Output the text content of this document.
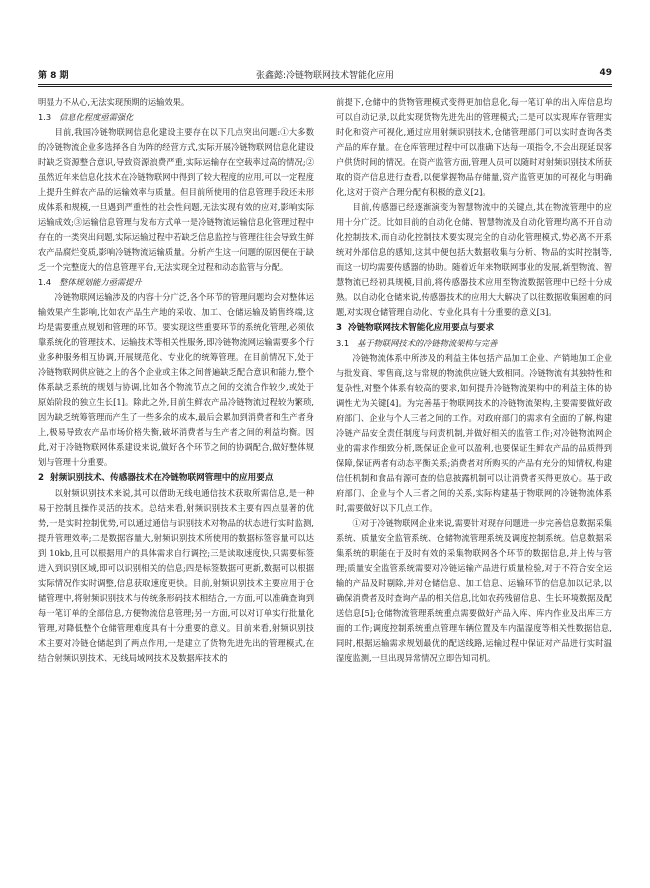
第 8 期	张鑫懿:冷链物联网技术智能化应用	49

明显力不从心,无法实现预期的运输效果。

1.3 信息化程度亟需强化

目前,我国冷链物联网信息化建设主要存在以下几点突出问题:①大多数的冷链物流企业多选择各自为阵的经营方式,实际开展冷链物联网信息化建设时缺乏资源整合意识,导致资源浪费严重,实际运输存在空载率过高的情况;②虽然近年来信息化技术在冷链物联网中得到了较大程度的应用,可以一定程度上提升生鲜农产品的运输效率与质量。但目前所使用的信息管理手段还未形成体系和规模,一旦遇到严重性的社会性问题,无法实现有效的应对,影响实际运输成效;③运输信息管理与发布方式单一是冷链物流运输信息化管理过程中存在的一类突出问题,实际运输过程中若缺乏信息监控与管理往往会导致生鲜农产品腐烂变质,影响冷链物流运输质量。分析产生这一问题的原因便在于缺乏一个完整庞大的信息管理平台,无法实现全过程和动态监管与分配。

1.4 整体规划能力亟需提升

冷链物联网运输涉及的内容十分广泛,各个环节的管理问题均会对整体运输效果产生影响,比如农产品生产地的采收、加工、仓储运输及销售终端,这均是需要重点规划和管理的环节。要实现这些重要环节的系统化管理,必须依靠系统化的管理技术、运输技术等相关性服务,即冷链物流网运输需要多个行业多种服务相互协调,开展规范化、专业化的统筹管理。在目前情况下,处于冷链物联网供应链之上的各个企业或主体之间普遍缺乏配合意识和能力,整个体系缺乏系统的规划与协调,比如各个物流节点之间的交流合作较少,或处于原始阶段的独立生长[1]。除此之外,目前生鲜农产品冷链物流过程较为繁琐,因为缺乏统筹管理而产生了一些多余的成本,最后会累加到消费者和生产者身上,极易导致农产品市场价格失衡,破坏消费者与生产者之间的利益均衡。因此,对于冷链物联网体系建设来说,做好各个环节之间的协调配合,做好整体规划与管理十分重要。

2 射频识别技术、传感器技术在冷链物联网管理中的应用要点

以射频识别技术来说,其可以借助无线电通信技术获取所需信息,是一种易于控制且操作灵活的技术。总结来看,射频识别技术主要有四点显著的优势,一是实时控制优势,可以通过通信与识别技术对物品的状态进行实时监测,提升管理效率;二是数据容量大,射频识别技术所使用的数据标签容量可以达到 10kb,且可以根据用户的具体需求自行调控;三是读取速度快,只需要标签进入到识别区域,即可以识别相关的信息;四是标签数据可更新,数据可以根据实际情况作实时调整,信息获取速度更快。目前,射频识别技术主要应用于仓储管理中,将射频识别技术与传统条形码技术相结合,一方面,可以准确查询到每一笔订单的全部信息,方便物流信息管理;另一方面,可以对订单实行批量化管理,对降低整个仓储管理难度具有十分重要的意义。目前来看,射频识别技术主要对冷链仓储起到了两点作用,一是建立了货物先进先出的管理模式,在结合射频识别技术、无线局域网技术及数据库技术的

前提下,仓储中的货物管理模式变得更加信息化,每一笔订单的出入库信息均可以自动记录,以此实现货物先进先出的管理模式;二是可以实现库存管理实时化和资产可视化,通过应用射频识别技术,仓储管理部门可以实时查询各类产品的库存量。在仓库管理过程中可以准确下达每一项指令,不会出现延误客户供货时间的情况。在资产监管方面,管理人员可以随时对射频识别技术所获取的资产信息进行查看,以便掌握物品存储量,资产监管更加的可视化与明确化,这对于资产合理分配有积极的意义[2]。

目前,传感器已经逐渐演变为智慧物流中的关键点,其在物流管理中的应用十分广泛。比如目前的自动化仓储、智慧物流及自动化管理均离不开自动化控制技术,而自动化控制技术要实现完全的自动化管理模式,势必离不开系统对外部信息的感知,这其中便包括大数据收集与分析、物品的实时控制等,而这一切均需要传感器的协助。随着近年来物联网事业的发展,新型物流、智慧物流已经初具规模,目前,将传感器技术应用至物流数据管理中已经十分成熟。以自动化仓储来说,传感器技术的应用大大解决了以往数据收集困难的问题,对实现仓储管理自动化、专业化具有十分重要的意义[3]。

3 冷链物联网技术智能化应用要点与要求
3.1 基于物联网技术的冷链物流架构与完善

冷链物流体系中所涉及的利益主体包括产品加工企业、产销地加工企业与批发商、零售商,这与常规的物流供应链大致相同。冷链物流有其独特性和复杂性,对整个体系有较高的要求,如何提升冷链物流架构中的利益主体的协调性尤为关键[4]。为完善基于物联网技术的冷链物流架构,主要需要做好政府部门、企业与个人三者之间的工作。对政府部门的需求有全面的了解,构建冷链产品安全责任制度与问责机制,并做好相关的监管工作;对冷链物流网企业的需求作细致分析,既保证企业可以盈利,也要保证生鲜农产品的品质得到保障,保证两者有动态平衡关系;消费者对所购买的产品有充分的知情权,构建信任机制和食品有源可查的信息披露机制可以让消费者买得更放心。基于政府部门、企业与个人三者之间的关系,实际构建基于物联网的冷链物流体系时,需要做好以下几点工作。

①对于冷链物联网企业来说,需要针对现存问题进一步完善信息数据采集系统、质量安全监管系统、仓储物流管理系统及调度控制系统。信息数据采集系统的职能在于及时有效的采集物联网各个环节的数据信息,并上传与管理;质量安全监管系统需要对冷链运输产品进行质量检验,对于不符合安全运输的产品及时剔除,并对仓储信息、加工信息、运输环节的信息加以记录,以确保消费者及时查询产品的相关信息,比如农药残留信息、生长环境数据及配送信息[5];仓储物流管理系统重点需要做好产品入库、库内作业及出库三方面的工作;调度控制系统重点管理车辆位置及车内温湿度等相关性数据信息,同时,根据运输需求规划最优的配送线路,运输过程中保证对产品进行实时温湿度监测,一旦出现异常情况立即告知司机。
